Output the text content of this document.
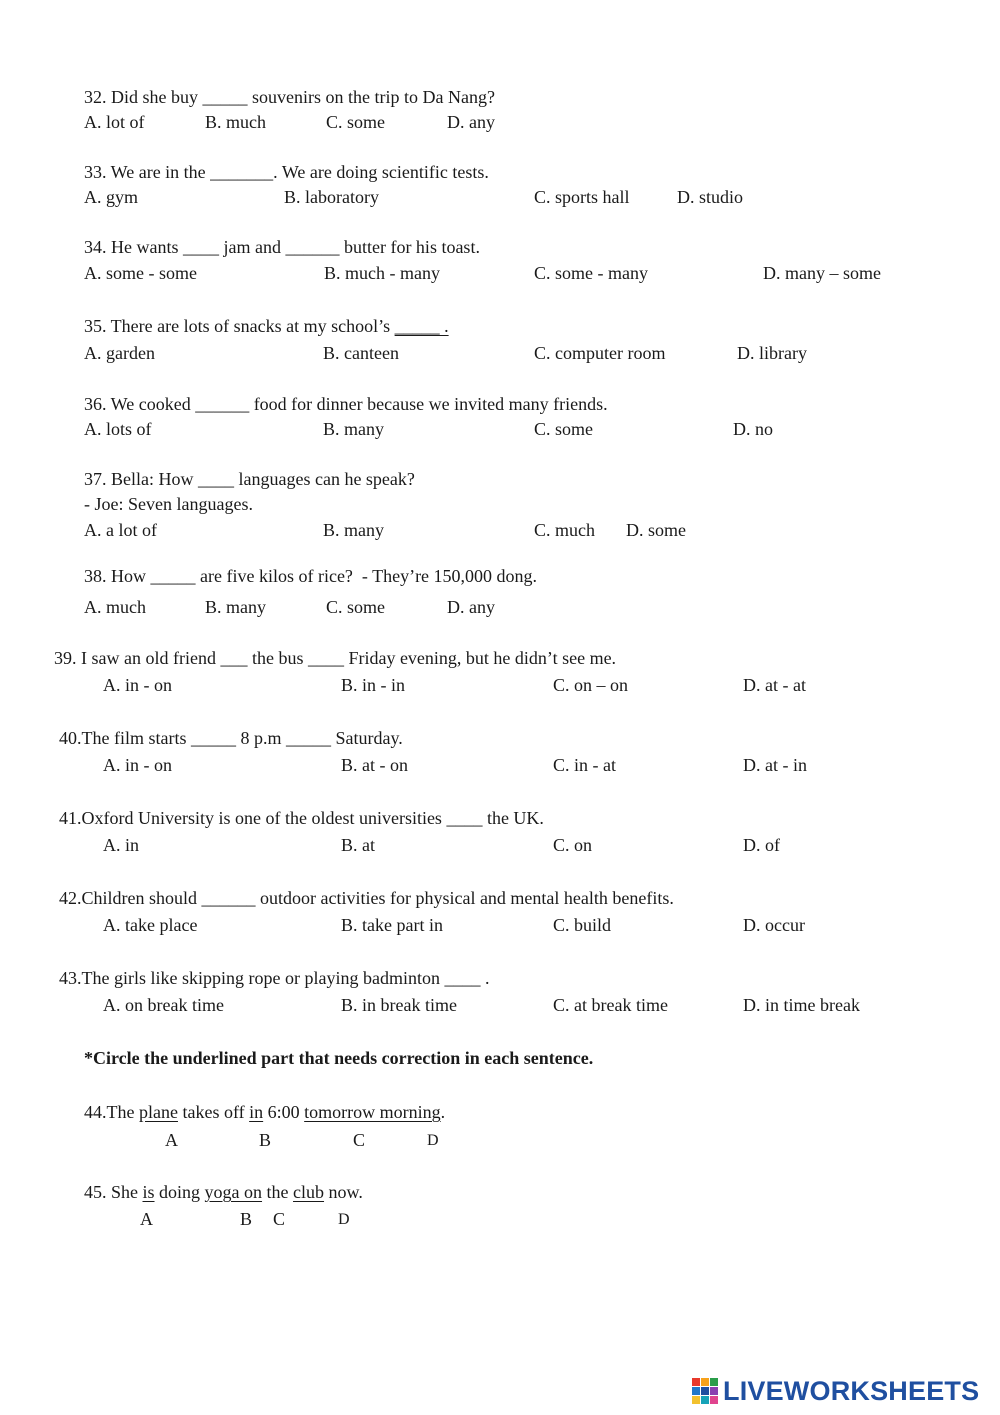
32. Did she buy _____ souvenirs on the trip to Da Nang?
A. lot of	B. much	C. some	D. any
33. We are in the _______. We are doing scientific tests.
A. gym	B. laboratory	C. sports hall	D. studio
34. He wants ____ jam and ______ butter for his toast.
A. some - some	B. much - many	C. some - many	D. many – some
35. There are lots of snacks at my school’s _____ .
A. garden	B. canteen	C. computer room	D. library
36. We cooked ______ food for dinner because we invited many friends.
A. lots of	B. many	C. some	D. no
37. Bella: How ____ languages can he speak?
- Joe: Seven languages.
A. a lot of	B. many	C. much D. some
38. How _____ are five kilos of rice?  - They’re 150,000 dong.
A. much	B. many	C. some	D. any
39. I saw an old friend ___ the bus ____ Friday evening, but he didn’t see me.
A. in - on	B. in - in	C. on – on	D. at - at
40.The film starts _____ 8 p.m _____ Saturday.
A. in - on	B. at - on	C. in - at	D. at - in
41.Oxford University is one of the oldest universities ____ the UK.
A. in	B. at	C. on	D. of
42.Children should ______ outdoor activities for physical and mental health benefits.
A. take place	B. take part in	C. build	D. occur
43.The girls like skipping rope or playing badminton ____ .
A. on break time	B. in break time	C. at break time	D. in time break
*Circle the underlined part that needs correction in each sentence.
44.The plane takes off in 6:00 tomorrow morning.
A	B	C	D
45. She is doing yoga on the club now.
A	B C	D
LIVEWORKSHEETS
